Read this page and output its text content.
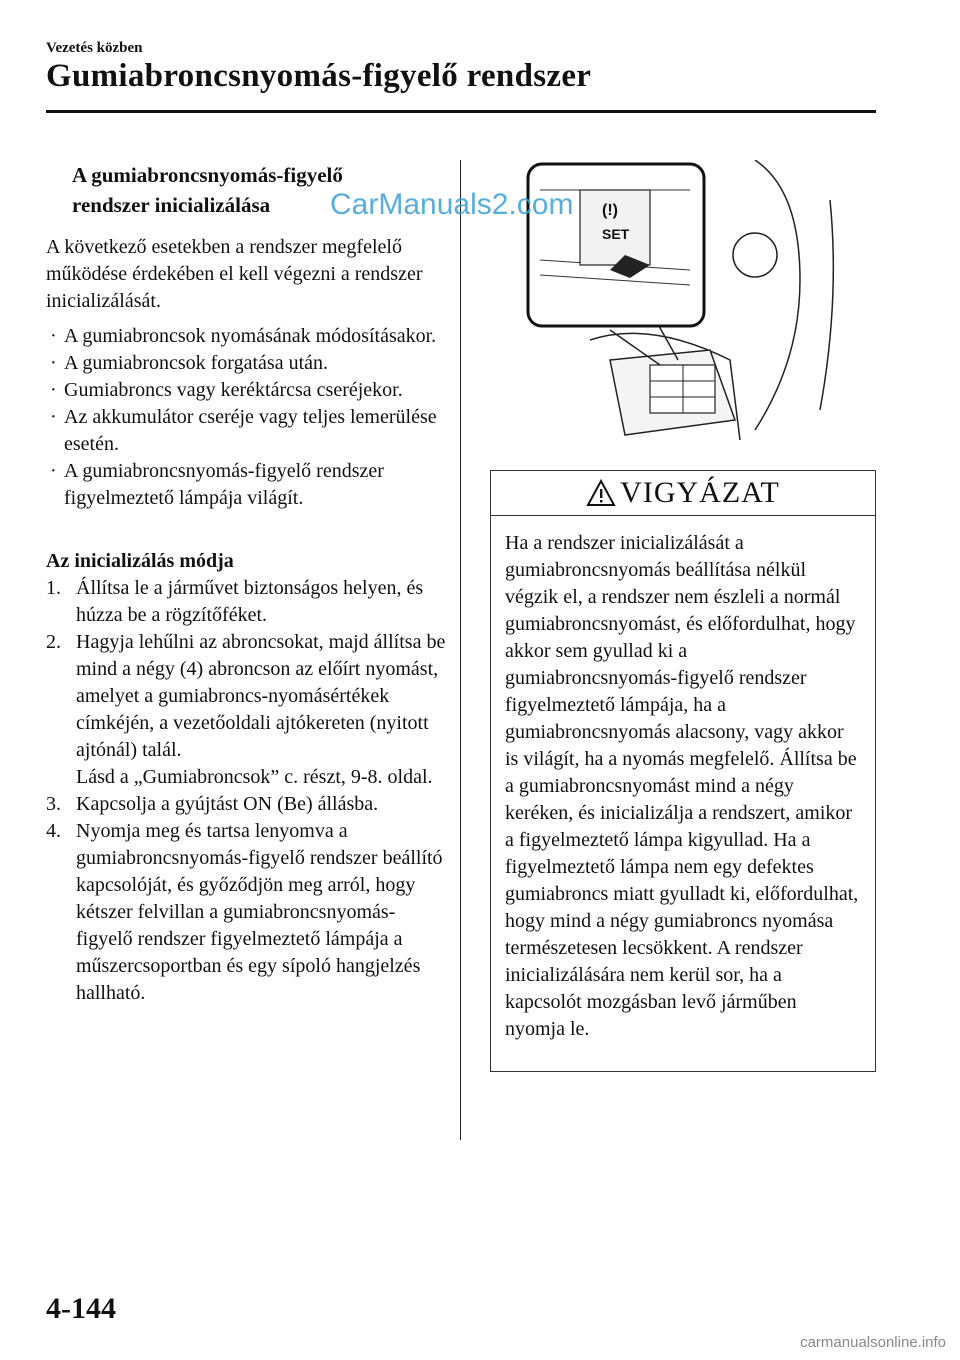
Vezetés közben
Gumiabroncsnyomás-figyelő rendszer
A gumiabroncsnyomás-figyelő
rendszer inicializálása
A következő esetekben a rendszer megfelelő működése érdekében el kell végezni a rendszer inicializálását.
· A gumiabroncsok nyomásának módosításakor.
· A gumiabroncsok forgatása után.
· Gumiabroncs vagy keréktárcsa cseréjekor.
· Az akkumulátor cseréje vagy teljes lemerülése esetén.
· A gumiabroncsnyomás-figyelő rendszer figyelmeztető lámpája világít.
Az inicializálás módja
1. Állítsa le a járművet biztonságos helyen, és húzza be a rögzítőféket.
2. Hagyja lehűlni az abroncsokat, majd állítsa be mind a négy (4) abroncson az előírt nyomást, amelyet a gumiabroncs-nyomásértékek címkéjén, a vezetőoldali ajtókereten (nyitott ajtónál) talál.
Lásd a „Gumiabroncsok” c. részt, 9-8. oldal.
3. Kapcsolja a gyújtást ON (Be) állásba.
4. Nyomja meg és tartsa lenyomva a gumiabroncsnyomás-figyelő rendszer beállító kapcsolóját, és győződjön meg arról, hogy kétszer felvillan a gumiabroncsnyomás-figyelő rendszer figyelmeztető lámpája a műszercsoportban és egy sípoló hangjelzés hallható.
(!)
SET
CarManuals2.com
VIGYÁZAT
Ha a rendszer inicializálását a gumiabroncsnyomás beállítása nélkül végzik el, a rendszer nem észleli a normál gumiabroncsnyomást, és előfordulhat, hogy akkor sem gyullad ki a gumiabroncsnyomás-figyelő rendszer figyelmeztető lámpája, ha a gumiabroncsnyomás alacsony, vagy akkor is világít, ha a nyomás megfelelő. Állítsa be a gumiabroncsnyomást mind a négy keréken, és inicializálja a rendszert, amikor a figyelmeztető lámpa kigyullad. Ha a figyelmeztető lámpa nem egy defektes gumiabroncs miatt gyulladt ki, előfordulhat, hogy mind a négy gumiabroncs nyomása természetesen lecsökkent. A rendszer inicializálására nem kerül sor, ha a kapcsolót mozgásban levő járműben nyomja le.
4-144
carmanualsonline.info
